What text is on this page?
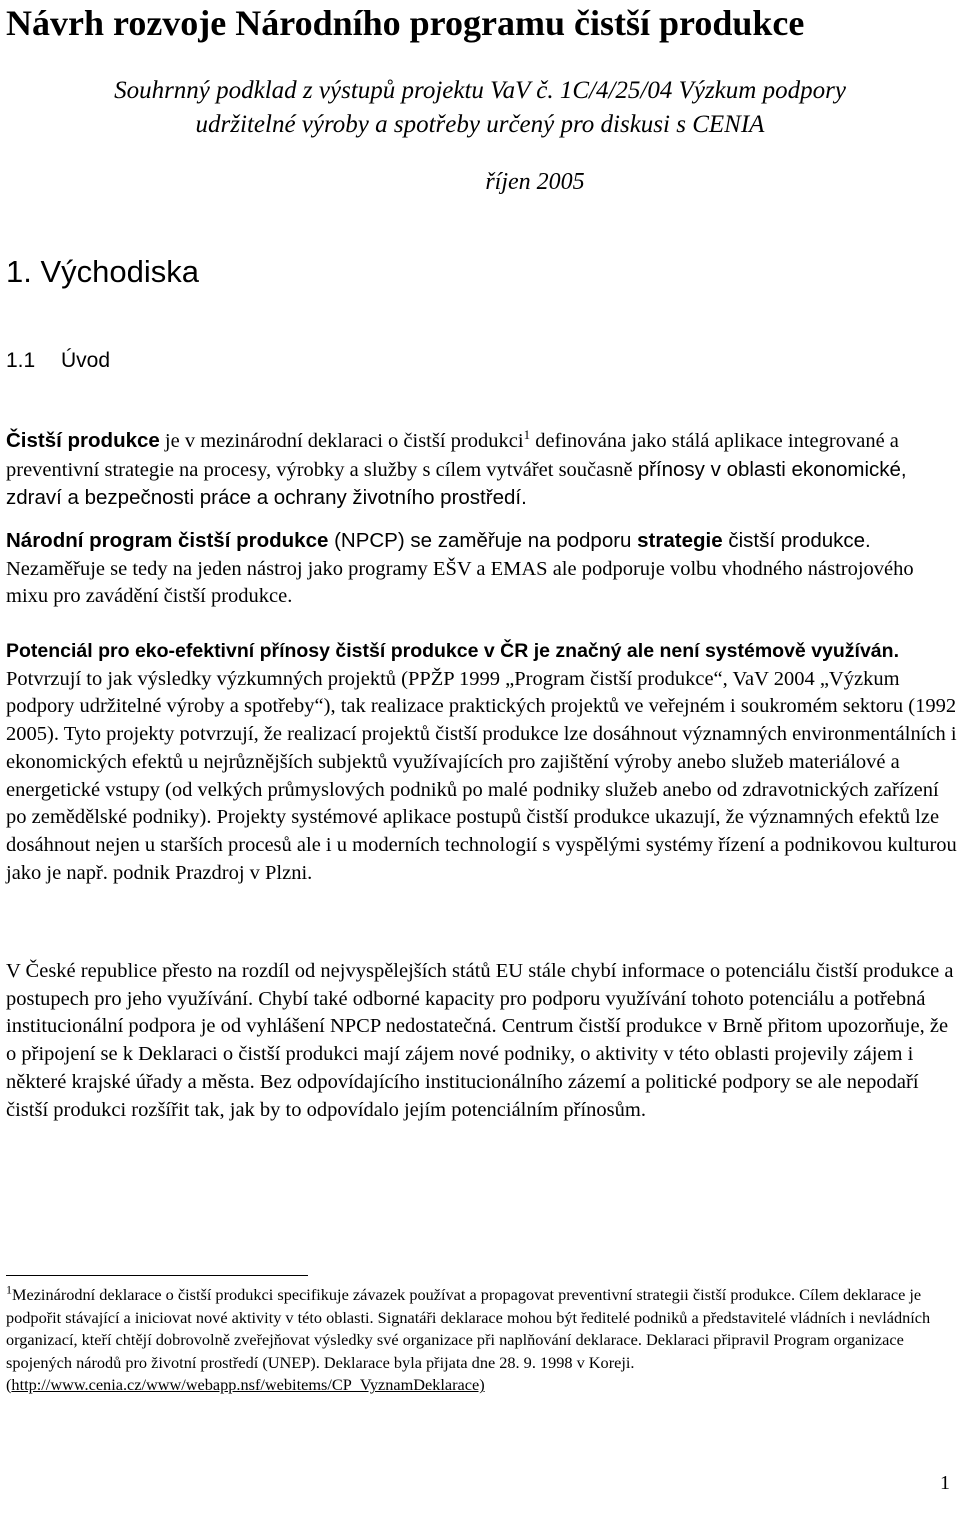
Návrh rozvoje Národního programu čistší produkce

Souhrnný podklad z výstupů projektu VaV č. 1C/4/25/04 Výzkum podpory
udržitelné výroby a spotřeby určený pro diskusi s CENIA

říjen 2005

1. Východiska
1.1 Úvod

Čistší produkce je v mezinárodní deklaraci o čistší produkci$^1$ definována jako stálá aplikace integrované a preventivní strategie na procesy, výrobky a služby s cílem vytvářet současně přínosy v oblasti ekonomické, zdraví a bezpečnosti práce a ochrany životního prostředí.

Národní program čistší produkce (NPCP) se zaměřuje na podporu strategie čistší produkce. Nezaměřuje se tedy na jeden nástroj jako programy EŠV a EMAS ale podporuje volbu vhodného nástrojového mixu pro zavádění čistší produkce.

Potenciál pro eko-efektivní přínosy čistší produkce v ČR je značný ale není systémově využíván. Potvrzují to jak výsledky výzkumných projektů (PPŽP 1999 „Program čistší produkce“, VaV 2004 „Výzkum podpory udržitelné výroby a spotřeby“), tak realizace praktických projektů ve veřejném i soukromém sektoru (1992 2005). Tyto projekty potvrzují, že realizací projektů čistší produkce lze dosáhnout významných environmentálních i ekonomických efektů u nejrůznějších subjektů využívajících pro zajištění výroby anebo služeb materiálové a energetické vstupy (od velkých průmyslových podniků po malé podniky služeb anebo od zdravotnických zařízení po zemědělské podniky). Projekty systémové aplikace postupů čistší produkce ukazují, že významných efektů lze dosáhnout nejen u starších procesů ale i u moderních technologií s vyspělými systémy řízení a podnikovou kulturou jako je např. podnik Prazdroj v Plzni.

V České republice přesto na rozdíl od nejvyspělejších států EU stále chybí informace o potenciálu čistší produkce a postupech pro jeho využívání. Chybí také odborné kapacity pro podporu využívání tohoto potenciálu a potřebná institucionální podpora je od vyhlášení NPCP nedostatečná. Centrum čistší produkce v Brně přitom upozorňuje, že o připojení se k Deklaraci o čistší produkci mají zájem nové podniky, o aktivity v této oblasti projevily zájem i některé krajské úřady a města. Bez odpovídajícího institucionálního zázemí a politické podpory se ale nepodaří čistší produkci rozšířit tak, jak by to odpovídalo jejím potenciálním přínosům.

$^1$Mezinárodní deklarace o čistší produkci specifikuje závazek používat a propagovat preventivní strategii čistší produkce. Cílem deklarace je podpořit stávající a iniciovat nové aktivity v této oblasti. Signatáři deklarace mohou být ředitelé podniků a představitelé vládních i nevládních organizací, kteří chtějí dobrovolně zveřejňovat výsledky své organizace při naplňování deklarace. Deklaraci připravil Program organizace spojených národů pro životní prostředí (UNEP). Deklarace byla přijata dne 28. 9. 1998 v Koreji. (http://www.cenia.cz/www/webapp.nsf/webitems/CP_VyznamDeklarace)

1
